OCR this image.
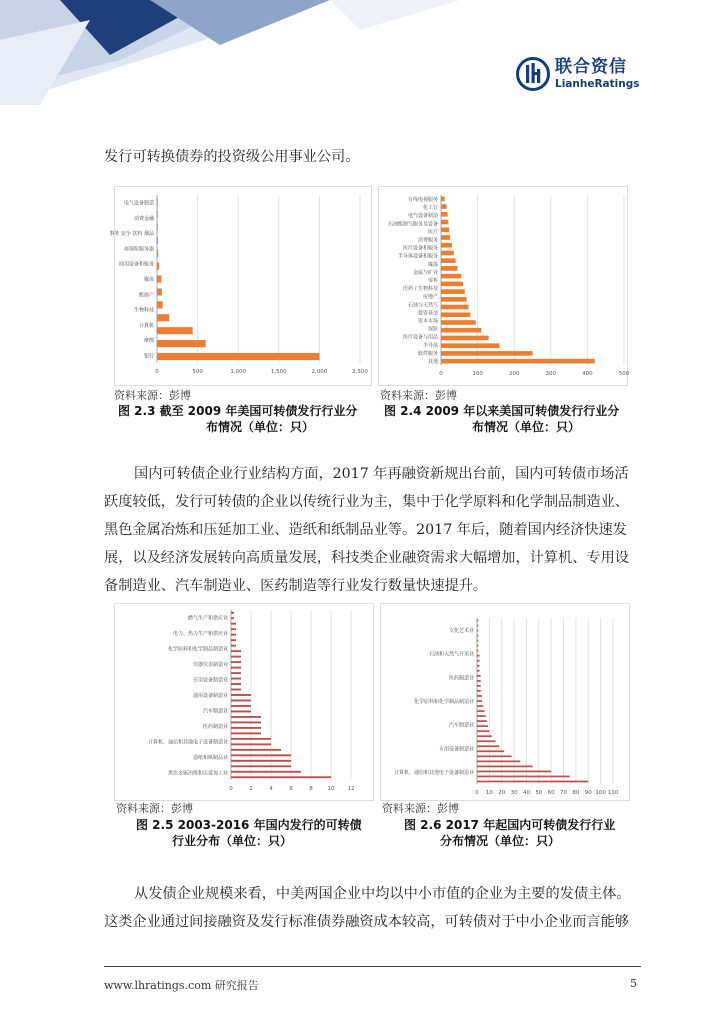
联合资信
LianheRatings
发行可转换债券的投资级公用事业公司。
0	500	1,000	1,500	2,000	2,500
电气设备制造
消费金融
事务 安全 饮料 烟品
再保险服务器
商用设备和服务
媒体
能源产
生物科技
计算机
摩擦
银行
资料来源：彭博
图 2.3 截至 2009 年美国可转债发行行业分
布情况（单位：只）
0	100	200	300	400	500
有线电视服务
化工行
电气设备制造
石油能源气服务及设备
医疗
消费服务
医疗设备和服务
半导体设备和服务
媒体
金属与矿业
零售
医药 / 生物科技
房地产
石油与天然气
投资基金
资本市场
保险
医疗设备与用品
半导体
软件服务
其他
资料来源：彭博
图 2.4 2009 年以来美国可转债发行行业分
布情况（单位：只）
国内可转债企业行业结构方面，2017 年再融资新规出台前，国内可转债市场活
跃度较低，发行可转债的企业以传统行业为主，集中于化学原料和化学制品制造业、
黑色金属冶炼和压延加工业、造纸和纸制品业等。2017 年后，随着国内经济快速发
展，以及经济发展转向高质量发展，科技类企业融资需求大幅增加，计算机、专用设
备制造业、汽车制造业、医药制造等行业发行数量快速提升。
0	2	4	6	8	10 12
燃气生产和供应业
电力、热力生产和供应业
化学原料和化学制品制造业
仪器仪表制造业
专用设备制造业
通用设备制造业
汽车制造业
医药制造业
计算机、通信和其他电子设备制造业
造纸和纸制品业
黑色金属冶炼和压延加工业
资料来源：彭博
图 2.5 2003-2016 年国内发行的可转债
行业分布（单位：只）
0 10 20 30 40 50 60 70 80 90 100 110
文化艺术业
石油和天然气开采业
医药制造业
化学原料和化学制品制造业
汽车制造业
专用设备制造业
计算机、通信和其他电子设备制造业
资料来源：彭博
图 2.6 2017 年起国内可转债发行行业
分布情况（单位：只）
从发债企业规模来看，中美两国企业中均以中小市值的企业为主要的发债主体。
这类企业通过间接融资及发行标准债券融资成本较高，可转债对于中小企业而言能够
www.lhratings.com 研究报告	5
